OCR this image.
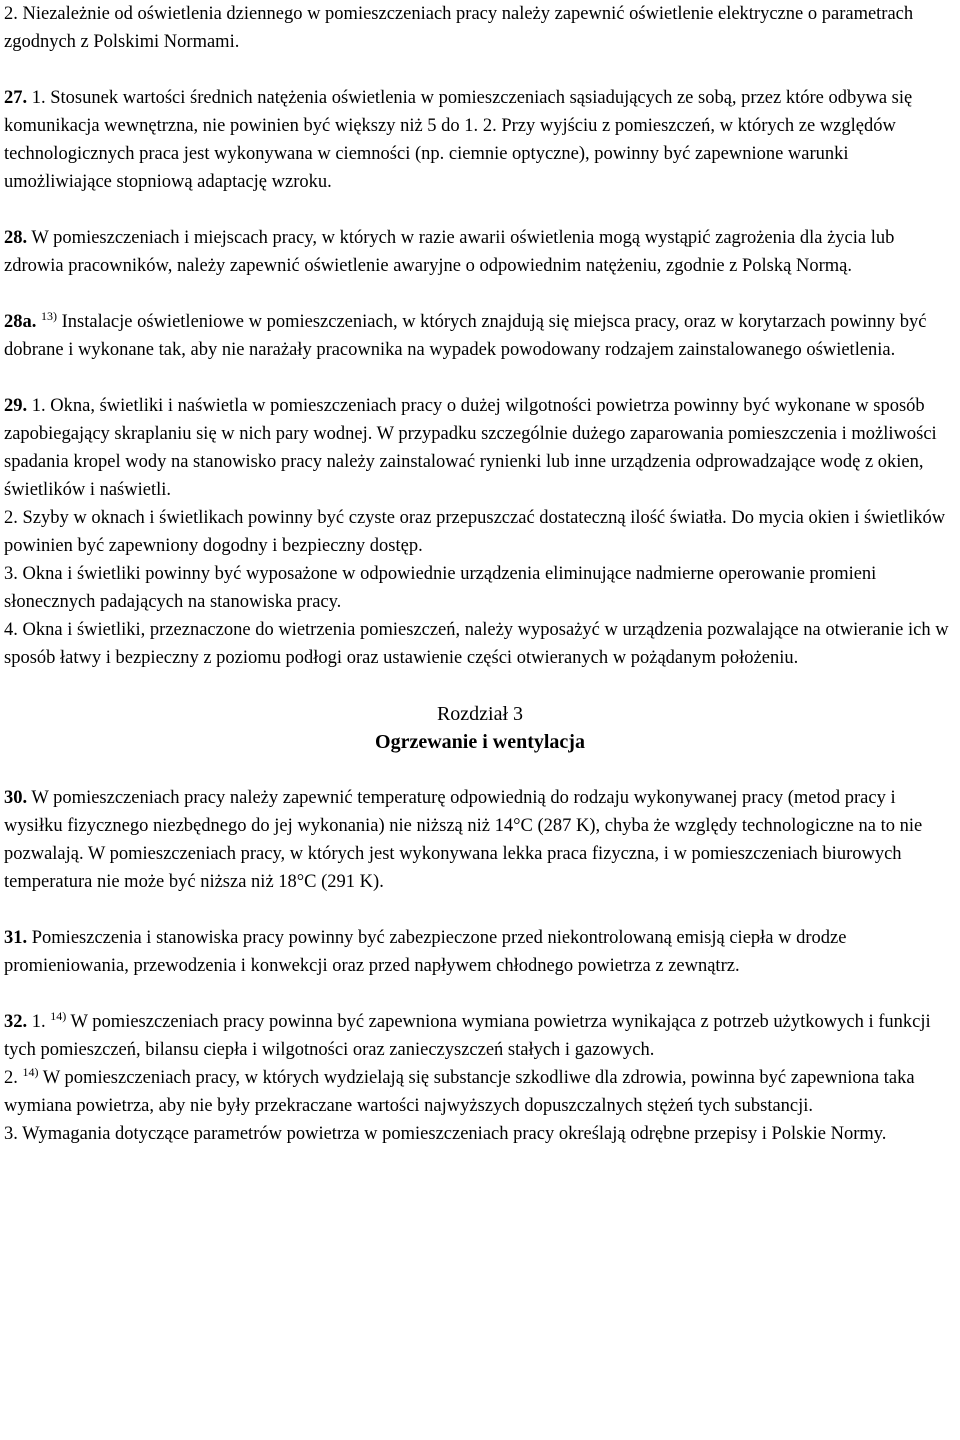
2. Niezależnie od oświetlenia dziennego w pomieszczeniach pracy należy zapewnić oświetlenie elektryczne o parametrach zgodnych z Polskimi Normami.

27. 1. Stosunek wartości średnich natężenia oświetlenia w pomieszczeniach sąsiadujących ze sobą, przez które odbywa się komunikacja wewnętrzna, nie powinien być większy niż 5 do 1. 2. Przy wyjściu z pomieszczeń, w których ze względów technologicznych praca jest wykonywana w ciemności (np. ciemnie optyczne), powinny być zapewnione warunki umożliwiające stopniową adaptację wzroku.

28. W pomieszczeniach i miejscach pracy, w których w razie awarii oświetlenia mogą wystąpić zagrożenia dla życia lub zdrowia pracowników, należy zapewnić oświetlenie awaryjne o odpowiednim natężeniu, zgodnie z Polską Normą.

28a. $^{13)}$ Instalacje oświetleniowe w pomieszczeniach, w których znajdują się miejsca pracy, oraz w korytarzach powinny być dobrane i wykonane tak, aby nie narażały pracownika na wypadek powodowany rodzajem zainstalowanego oświetlenia.

29. 1. Okna, świetliki i naświetla w pomieszczeniach pracy o dużej wilgotności powietrza powinny być wykonane w sposób zapobiegający skraplaniu się w nich pary wodnej. W przypadku szczególnie dużego zaparowania pomieszczenia i możliwości spadania kropel wody na stanowisko pracy należy zainstalować rynienki lub inne urządzenia odprowadzające wodę z okien, świetlików i naświetli.

2. Szyby w oknach i świetlikach powinny być czyste oraz przepuszczać dostateczną ilość światła. Do mycia okien i świetlików powinien być zapewniony dogodny i bezpieczny dostęp.

3. Okna i świetliki powinny być wyposażone w odpowiednie urządzenia eliminujące nadmierne operowanie promieni słonecznych padających na stanowiska pracy.

4. Okna i świetliki, przeznaczone do wietrzenia pomieszczeń, należy wyposażyć w urządzenia pozwalające na otwieranie ich w sposób łatwy i bezpieczny z poziomu podłogi oraz ustawienie części otwieranych w pożądanym położeniu.

Rozdział 3

Ogrzewanie i wentylacja

30. W pomieszczeniach pracy należy zapewnić temperaturę odpowiednią do rodzaju wykonywanej pracy (metod pracy i wysiłku fizycznego niezbędnego do jej wykonania) nie niższą niż 14°C (287 K), chyba że względy technologiczne na to nie pozwalają. W pomieszczeniach pracy, w których jest wykonywana lekka praca fizyczna, i w pomieszczeniach biurowych temperatura nie może być niższa niż 18°C (291 K).

31. Pomieszczenia i stanowiska pracy powinny być zabezpieczone przed niekontrolowaną emisją ciepła w drodze promieniowania, przewodzenia i konwekcji oraz przed napływem chłodnego powietrza z zewnątrz.

32. 1. $^{14)}$ W pomieszczeniach pracy powinna być zapewniona wymiana powietrza wynikająca z potrzeb użytkowych i funkcji tych pomieszczeń, bilansu ciepła i wilgotności oraz zanieczyszczeń stałych i gazowych.

2. $^{14)}$ W pomieszczeniach pracy, w których wydzielają się substancje szkodliwe dla zdrowia, powinna być zapewniona taka wymiana powietrza, aby nie były przekraczane wartości najwyższych dopuszczalnych stężeń tych substancji.

3. Wymagania dotyczące parametrów powietrza w pomieszczeniach pracy określają odrębne przepisy i Polskie Normy.
